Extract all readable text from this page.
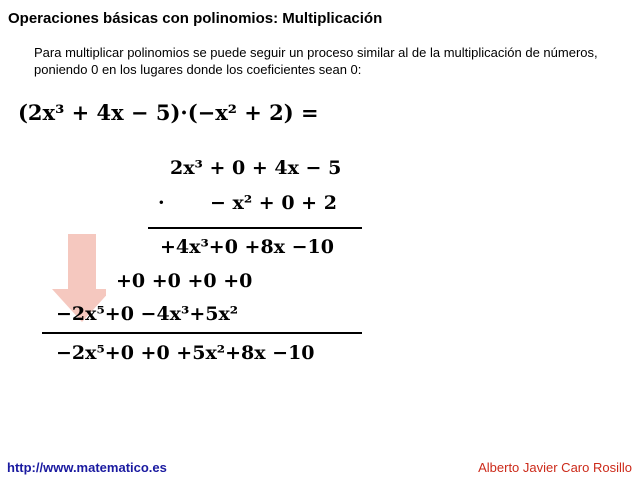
Operaciones básicas con polinomios: Multiplicación
Para multiplicar polinomios se puede seguir un proceso similar al de la multiplicación de números, poniendo 0 en los lugares donde los coeficientes sean 0:
(2x³ + 4x − 5)·(−x² + 2) =
2x³ + 0 + 4x − 5
· − x² + 0 + 2
+4x³+0 +8x −10
+0 +0 +0 +0
−2x⁵+0 −4x³+5x²
−2x⁵+0 +0 +5x²+8x −10
http://www.matematico.es	Alberto Javier Caro Rosillo
